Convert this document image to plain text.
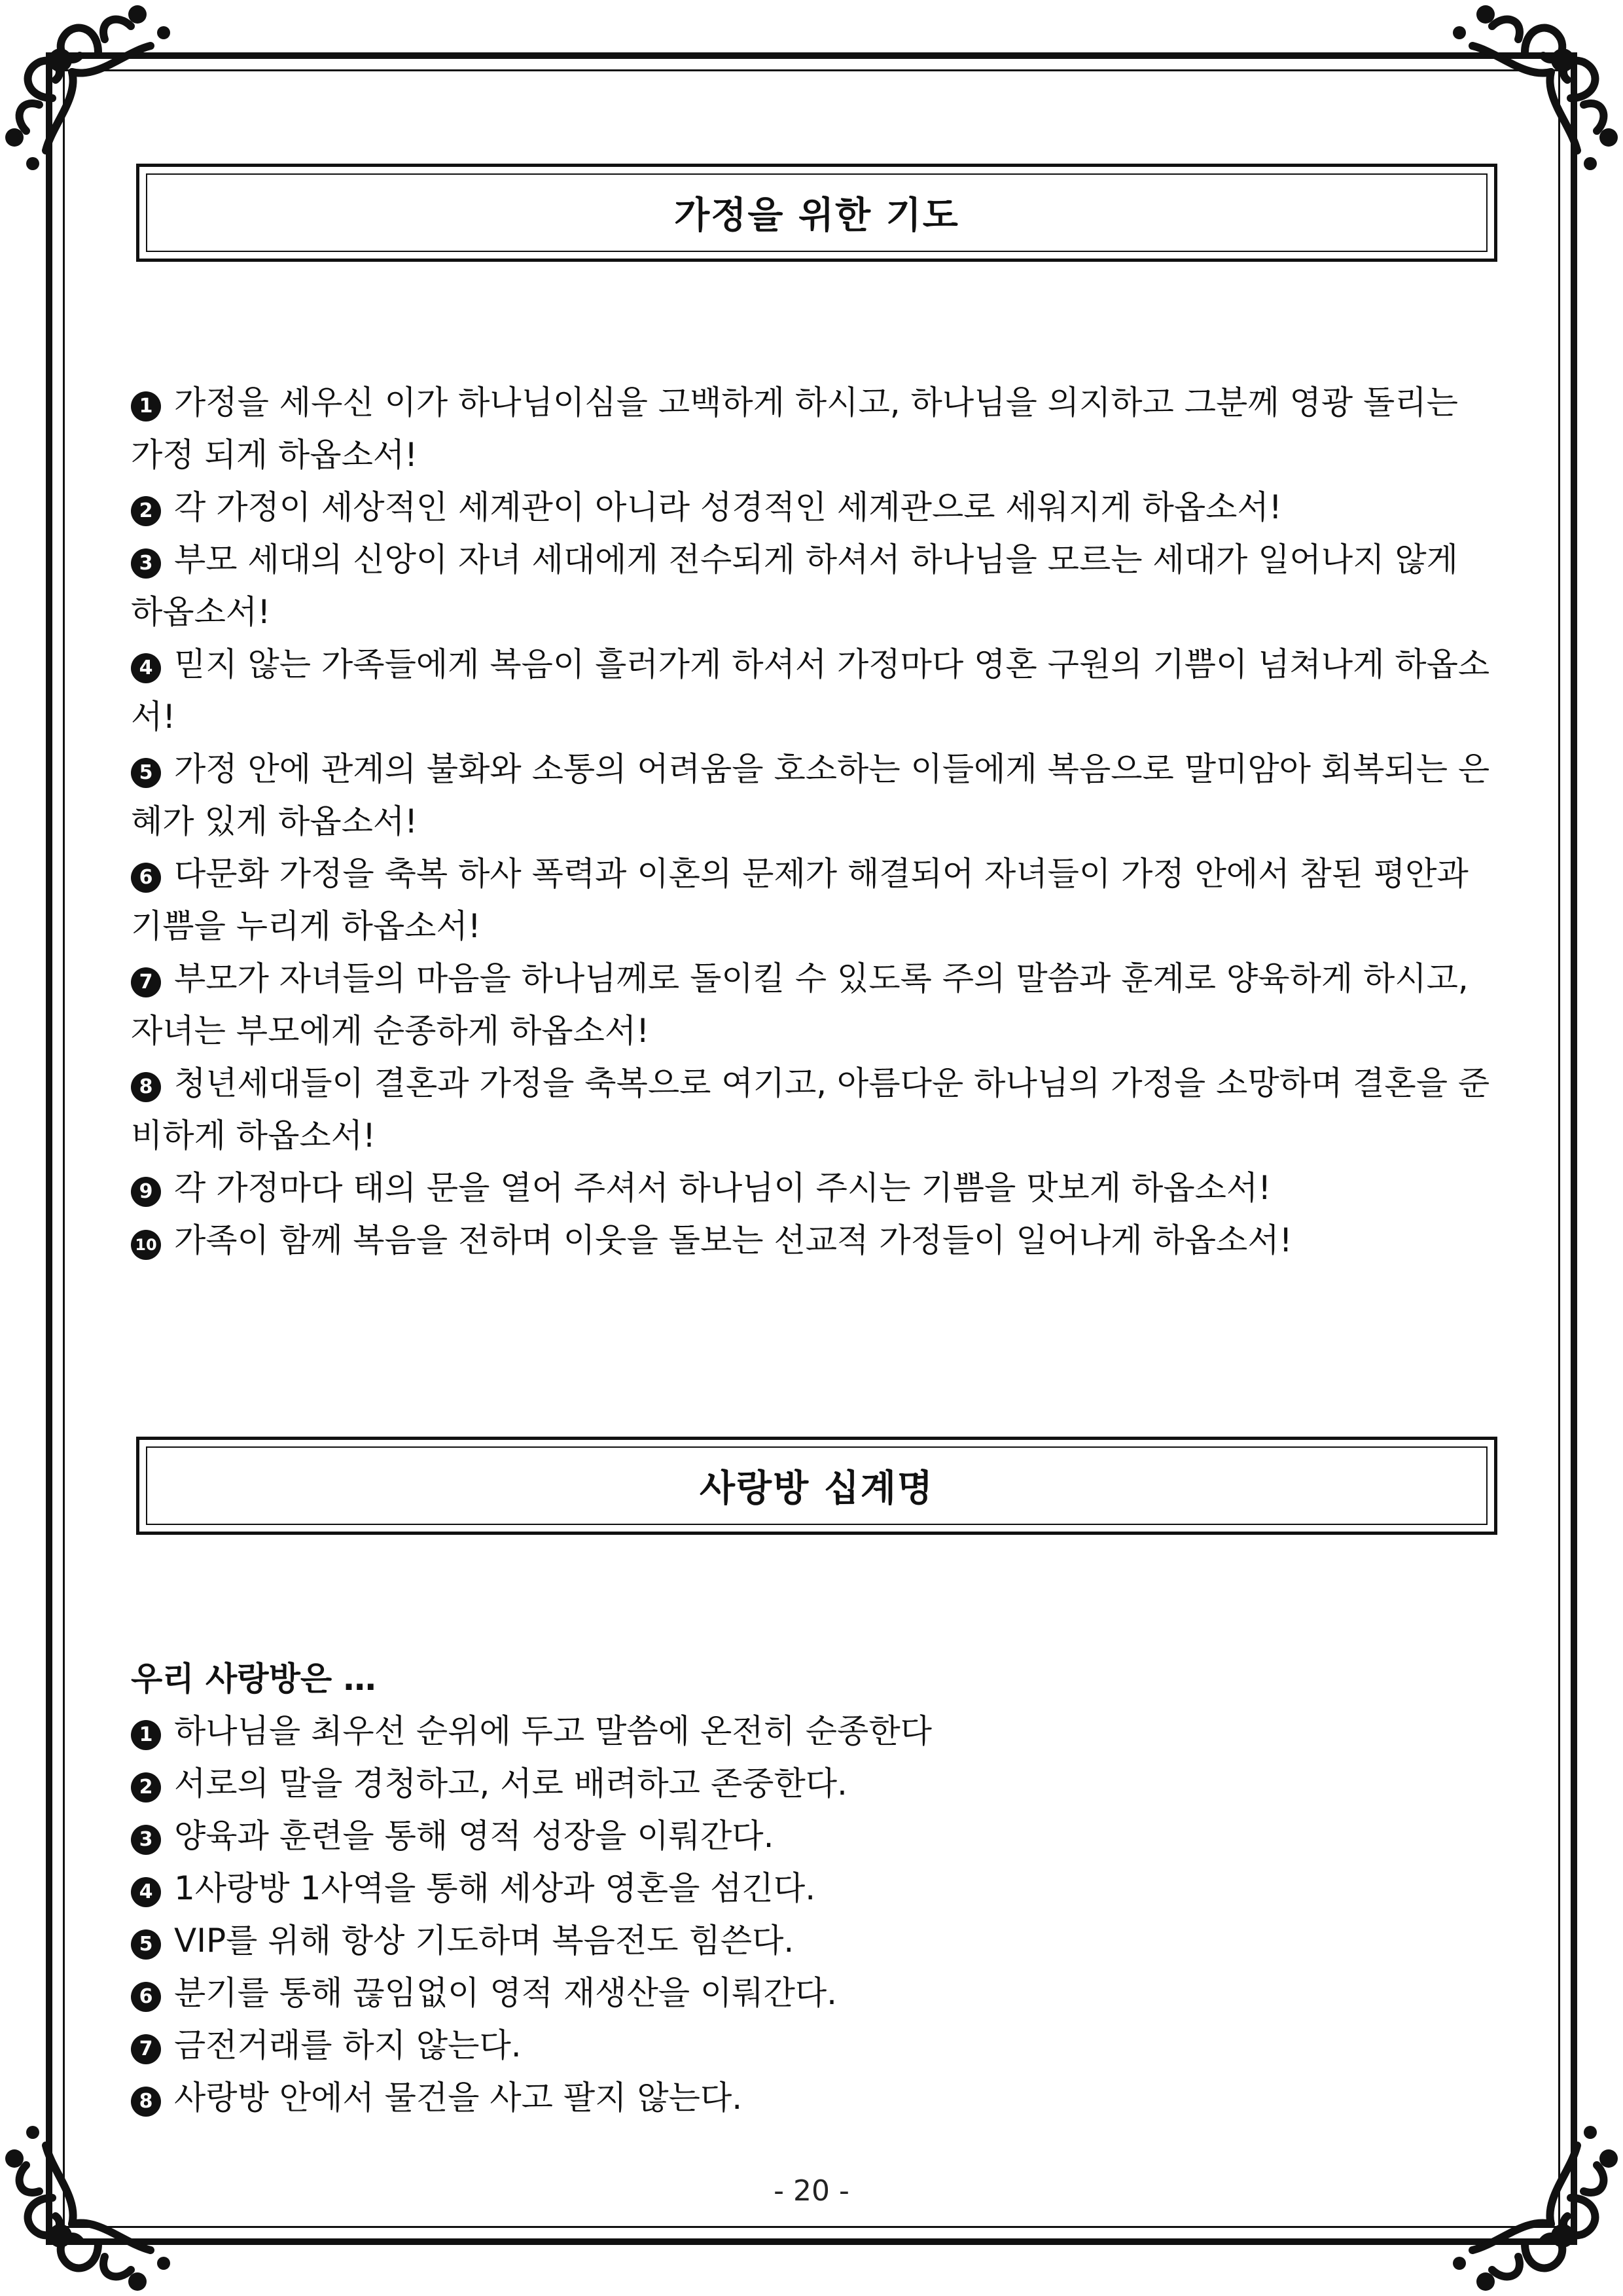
가정을 위한 기도

1 가정을 세우신 이가 하나님이심을 고백하게 하시고, 하나님을 의지하고 그분께 영광 돌리는 가정 되게 하옵소서!

2 각 가정이 세상적인 세계관이 아니라 성경적인 세계관으로 세워지게 하옵소서!

3 부모 세대의 신앙이 자녀 세대에게 전수되게 하셔서 하나님을 모르는 세대가 일어나지 않게 하옵소서!

4 믿지 않는 가족들에게 복음이 흘러가게 하셔서 가정마다 영혼 구원의 기쁨이 넘쳐나게 하옵소서!

5 가정 안에 관계의 불화와 소통의 어려움을 호소하는 이들에게 복음으로 말미암아 회복되는 은혜가 있게 하옵소서!

6 다문화 가정을 축복 하사 폭력과 이혼의 문제가 해결되어 자녀들이 가정 안에서 참된 평안과 기쁨을 누리게 하옵소서!

7 부모가 자녀들의 마음을 하나님께로 돌이킬 수 있도록 주의 말씀과 훈계로 양육하게 하시고, 자녀는 부모에게 순종하게 하옵소서!

8 청년세대들이 결혼과 가정을 축복으로 여기고, 아름다운 하나님의 가정을 소망하며 결혼을 준비하게 하옵소서!

9 각 가정마다 태의 문을 열어 주셔서 하나님이 주시는 기쁨을 맛보게 하옵소서!

10 가족이 함께 복음을 전하며 이웃을 돌보는 선교적 가정들이 일어나게 하옵소서!

사랑방 십계명

우리 사랑방은 …

1 하나님을 최우선 순위에 두고 말씀에 온전히 순종한다

2 서로의 말을 경청하고, 서로 배려하고 존중한다.

3 양육과 훈련을 통해 영적 성장을 이뤄간다.

4 1사랑방 1사역을 통해 세상과 영혼을 섬긴다.

5 VIP를 위해 항상 기도하며 복음전도 힘쓴다.

6 분기를 통해 끊임없이 영적 재생산을 이뤄간다.

7 금전거래를 하지 않는다.

8 사랑방 안에서 물건을 사고 팔지 않는다.

- 20 -
